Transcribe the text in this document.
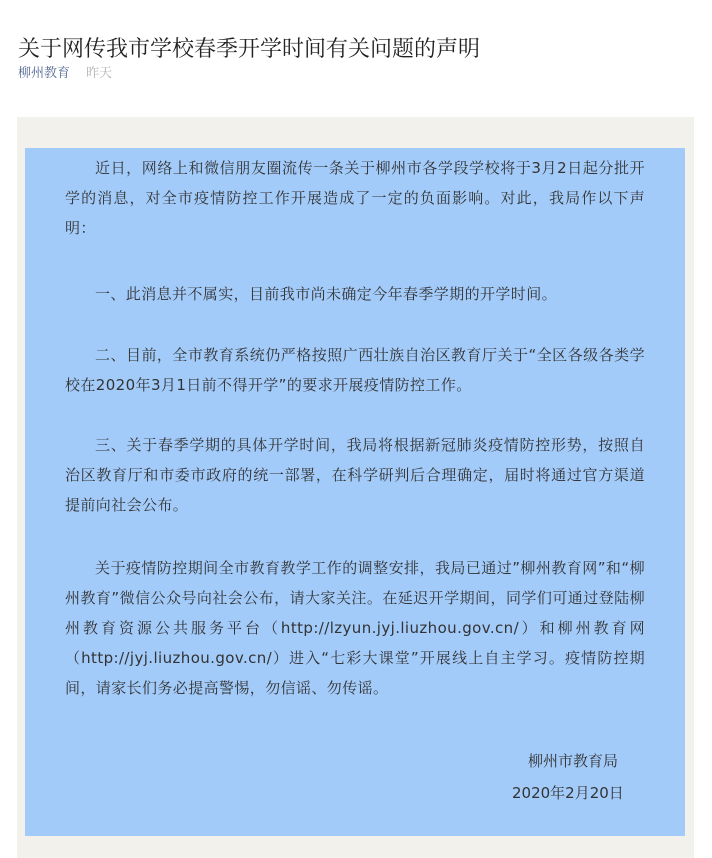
关于网传我市学校春季开学时间有关问题的声明
柳州教育 昨天

近日，网络上和微信朋友圈流传一条关于柳州市各学段学校将于3月2日起分批开学的消息，对全市疫情防控工作开展造成了一定的负面影响。对此，我局作以下声明：

一、此消息并不属实，目前我市尚未确定今年春季学期的开学时间。

二、目前，全市教育系统仍严格按照广西壮族自治区教育厅关于“全区各级各类学校在2020年3月1日前不得开学”的要求开展疫情防控工作。

三、关于春季学期的具体开学时间，我局将根据新冠肺炎疫情防控形势，按照自治区教育厅和市委市政府的统一部署，在科学研判后合理确定，届时将通过官方渠道提前向社会公布。

关于疫情防控期间全市教育教学工作的调整安排，我局已通过”柳州教育网”和“柳州教育”微信公众号向社会公布，请大家关注。在延迟开学期间，同学们可通过登陆柳州教育资源公共服务平台（http://lzyun.jyj.liuzhou.gov.cn/）和柳州教育网（http://jyj.liuzhou.gov.cn/）进入“七彩大课堂”开展线上自主学习。疫情防控期间，请家长们务必提高警惕，勿信谣、勿传谣。

柳州市教育局
2020年2月20日
